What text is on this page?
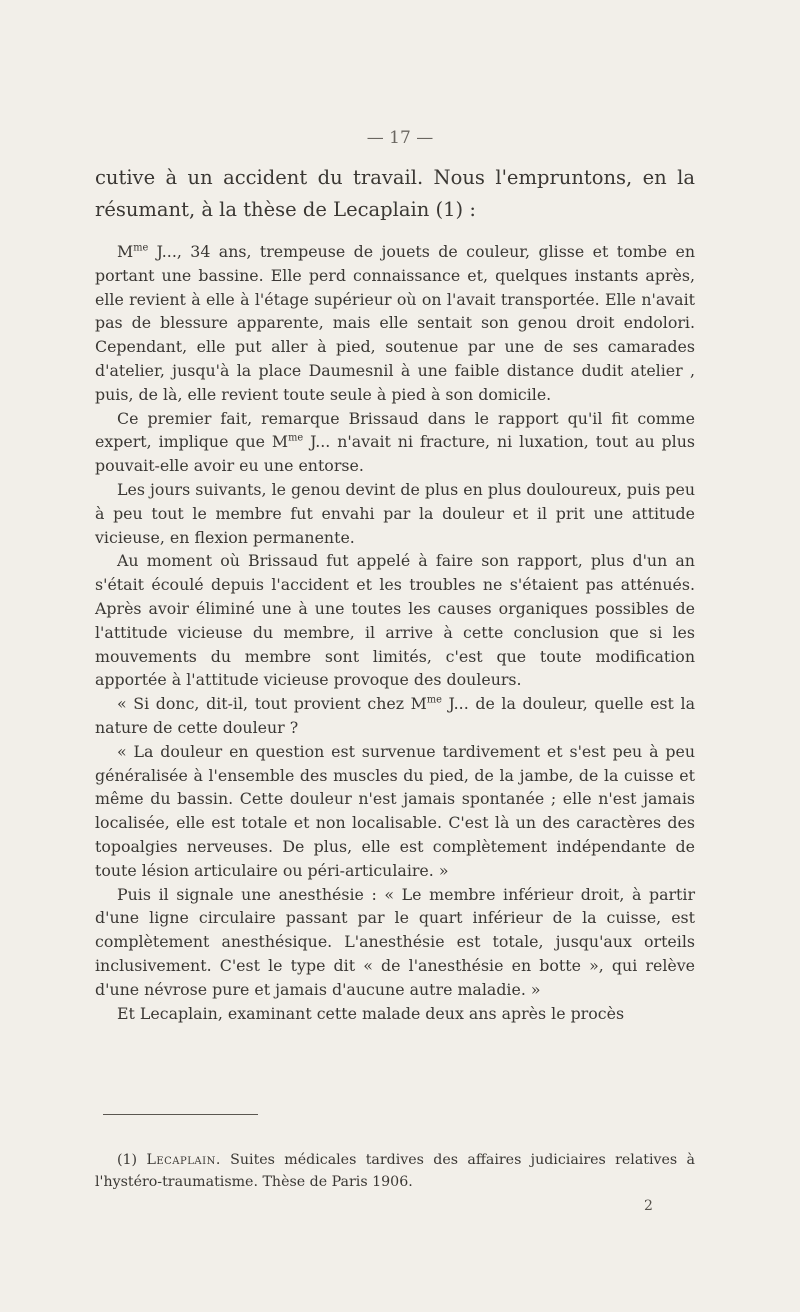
— 17 —

cutive à un accident du travail. Nous l'empruntons, en la résumant, à la thèse de Lecaplain (1) :

$M^{me}$ J..., 34 ans, trempeuse de jouets de couleur, glisse et tombe en portant une bassine. Elle perd connaissance et, quelques instants après, elle revient à elle à l'étage supérieur où on l'avait transportée. Elle n'avait pas de blessure apparente, mais elle sentait son genou droit endolori. Cependant, elle put aller à pied, soutenue par une de ses camarades d'atelier, jusqu'à la place Daumesnil à une faible distance dudit atelier , puis, de là, elle revient toute seule à pied à son domicile.

Ce premier fait, remarque Brissaud dans le rapport qu'il fit comme expert, implique que $M^{me}$ J... n'avait ni fracture, ni luxation, tout au plus pouvait-elle avoir eu une entorse.

Les jours suivants, le genou devint de plus en plus douloureux, puis peu à peu tout le membre fut envahi par la douleur et il prit une attitude vicieuse, en flexion permanente.

Au moment où Brissaud fut appelé à faire son rapport, plus d'un an s'était écoulé depuis l'accident et les troubles ne s'étaient pas atténués. Après avoir éliminé une à une toutes les causes organiques possibles de l'attitude vicieuse du membre, il arrive à cette conclusion que si les mouvements du membre sont limités, c'est que toute modification apportée à l'attitude vicieuse provoque des douleurs.

« Si donc, dit-il, tout provient chez $M^{me}$ J... de la douleur, quelle est la nature de cette douleur ?

« La douleur en question est survenue tardivement et s'est peu à peu généralisée à l'ensemble des muscles du pied, de la jambe, de la cuisse et même du bassin. Cette douleur n'est jamais spontanée ; elle n'est jamais localisée, elle est totale et non localisable. C'est là un des caractères des topoalgies nerveuses. De plus, elle est complètement indépendante de toute lésion articulaire ou péri-articulaire. »

Puis il signale une anesthésie : « Le membre inférieur droit, à partir d'une ligne circulaire passant par le quart inférieur de la cuisse, est complètement anesthésique. L'anesthésie est totale, jusqu'aux orteils inclusivement. C'est le type dit « de l'anesthésie en botte », qui relève d'une névrose pure et jamais d'aucune autre maladie. »

Et Lecaplain, examinant cette malade deux ans après le procès

(1) Lecaplain. Suites médicales tardives des affaires judiciaires relatives à l'hystéro-traumatisme. Thèse de Paris 1906.

2
